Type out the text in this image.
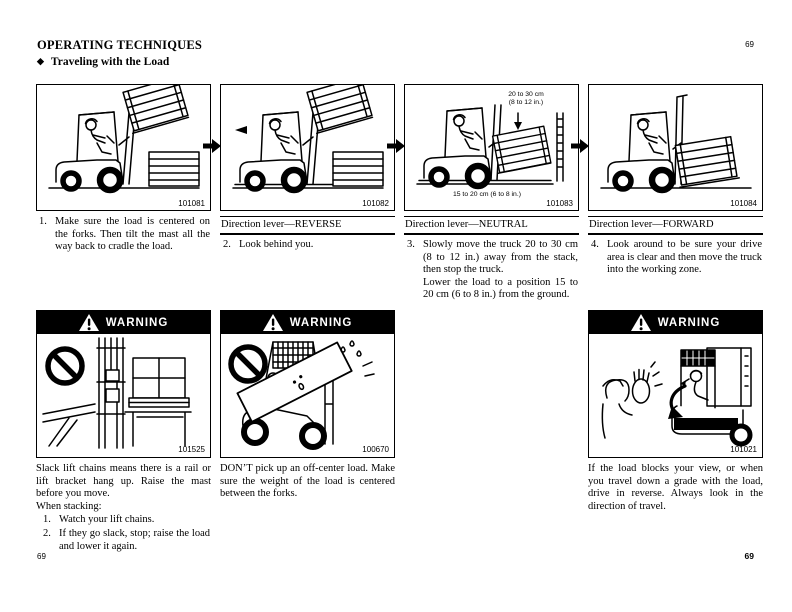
OPERATING TECHNIQUES	69
◆ Traveling with the Load
101081
1. Make sure the load is centered on the forks. Then tilt the mast all the way back to cradle the load.
101082
Direction lever—REVERSE
2. Look behind you.
20 to 30 cm
(8 to 12 in.)
15 to 20 cm (6 to 8 in.)
101083
Direction lever—NEUTRAL
3. Slowly move the truck 20 to 30 cm (8 to 12 in.) away from the stack, then stop the truck.
Lower the load to a position 15 to 20 cm (6 to 8 in.) from the ground.
101084
Direction lever—FORWARD
4. Look around to be sure your drive area is clear and then move the truck into the working zone.
WARNING
101525
Slack lift chains means there is a rail or lift bracket hang up. Raise the mast before you move.
When stacking:
1. Watch your lift chains.
2. If they go slack, stop; raise the load and lower it again.
WARNING
100670
DON’T pick up an off-center load. Make sure the weight of the load is centered between the forks.
WARNING
101021
If the load blocks your view, or when you travel down a grade with the load, drive in reverse. Always look in the direction of travel.
69	69
